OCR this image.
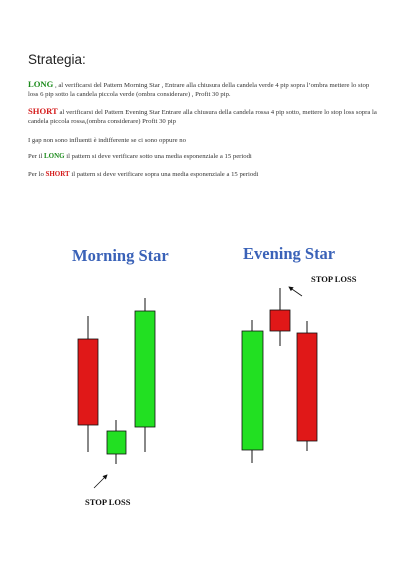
Strategia:
LONG , al verificarsi del Pattern Morning Star , Entrare alla chiusura della candela verde 4 pip sopra l’ombra mettere lo stop loss 6 pip sotto la candela piccola verde (ombra considerare) , Profit 30 pip.
SHORT al verificarsi del Pattern Evening Star Entrare alla chiusura della candela rossa 4 pip sotto, mettere lo stop loss sopra la candela piccola rossa,(ombra considerare) Profit 30 pip
I gap non sono influenti è indifferente se ci sono oppure no
Per il LONG il pattern si deve verificare sotto una media esponenziale a 15 periodi
Per lo SHORT il pattern si deve verificare sopra una media esponenziale a 15 periodi
Morning Star
STOP LOSS
Evening Star
STOP LOSS
